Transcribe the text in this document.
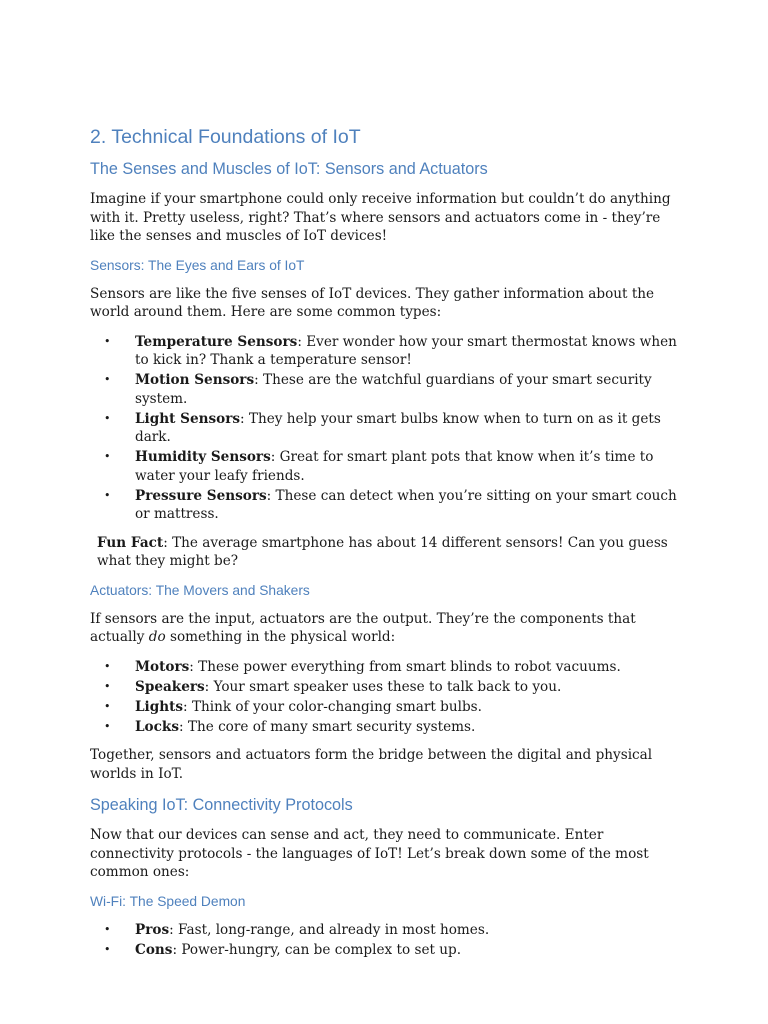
2. Technical Foundations of IoT
The Senses and Muscles of IoT: Sensors and Actuators

Imagine if your smartphone could only receive information but couldn’t do anything with it. Pretty useless, right? That’s where sensors and actuators come in - they’re like the senses and muscles of IoT devices!

Sensors: The Eyes and Ears of IoT

Sensors are like the five senses of IoT devices. They gather information about the world around them. Here are some common types:

• Temperature Sensors: Ever wonder how your smart thermostat knows when to kick in? Thank a temperature sensor!
• Motion Sensors: These are the watchful guardians of your smart security system.
• Light Sensors: They help your smart bulbs know when to turn on as it gets dark.
• Humidity Sensors: Great for smart plant pots that know when it’s time to water your leafy friends.
• Pressure Sensors: These can detect when you’re sitting on your smart couch or mattress.

Fun Fact: The average smartphone has about 14 different sensors! Can you guess what they might be?

Actuators: The Movers and Shakers

If sensors are the input, actuators are the output. They’re the components that actually do something in the physical world:

• Motors: These power everything from smart blinds to robot vacuums.
• Speakers: Your smart speaker uses these to talk back to you.
• Lights: Think of your color-changing smart bulbs.
• Locks: The core of many smart security systems.

Together, sensors and actuators form the bridge between the digital and physical worlds in IoT.

Speaking IoT: Connectivity Protocols

Now that our devices can sense and act, they need to communicate. Enter connectivity protocols - the languages of IoT! Let’s break down some of the most common ones:

Wi-Fi: The Speed Demon
• Pros: Fast, long-range, and already in most homes.
• Cons: Power-hungry, can be complex to set up.
